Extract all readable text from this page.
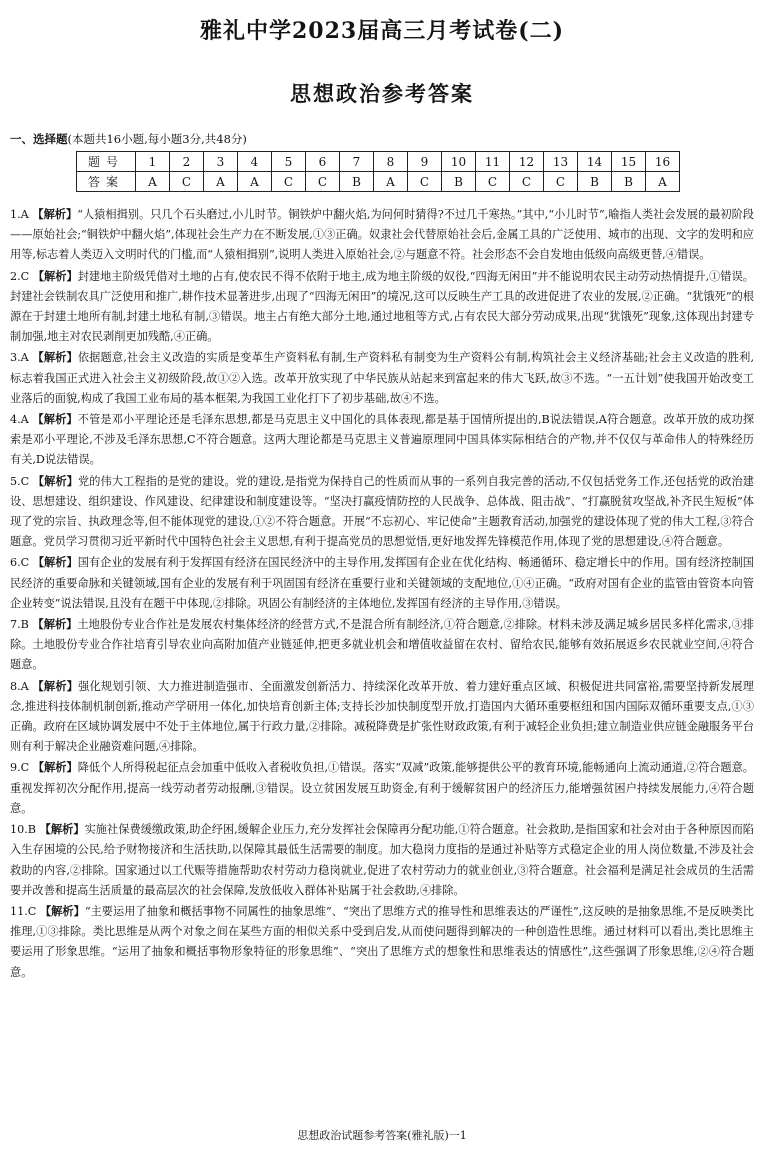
雅礼中学2023届高三月考试卷(二)
思想政治参考答案
一、选择题(本题共16小题,每小题3分,共48分)
题号	1	2	3	4	5	6	7	8	9	10	11	12	13	14	15	16
答案	A	C	A	A	C	C	B	A	C	B	C	C	C	B	B	A
1.A 【解析】“人猿相揖别。只几个石头磨过,小儿时节。铜铁炉中翻火焰,为问何时猜得?不过几千寒热。”其中,“小儿时节”,喻指人类社会发展的最初阶段——原始社会;“铜铁炉中翻火焰”,体现社会生产力在不断发展,①③正确。奴隶社会代替原始社会后,金属工具的广泛使用、城市的出现、文字的发明和应用等,标志着人类迈入文明时代的门槛,而“人猿相揖别”,说明人类进入原始社会,②与题意不符。社会形态不会自发地由低级向高级更替,④错误。
2.C 【解析】封建地主阶级凭借对土地的占有,使农民不得不依附于地主,成为地主阶级的奴役,“四海无闲田”并不能说明农民主动劳动热情提升,①错误。封建社会铁制农具广泛使用和推广,耕作技术显著进步,出现了“四海无闲田”的境况,这可以反映生产工具的改进促进了农业的发展,②正确。“犹饿死”的根源在于封建土地所有制,封建土地私有制,③错误。地主占有绝大部分土地,通过地租等方式,占有农民大部分劳动成果,出现“犹饿死”现象,这体现出封建专制加强,地主对农民剥削更加残酷,④正确。
3.A 【解析】依据题意,社会主义改造的实质是变革生产资料私有制,生产资料私有制变为生产资料公有制,构筑社会主义经济基础;社会主义改造的胜利,标志着我国正式进入社会主义初级阶段,故①②入选。改革开放实现了中华民族从站起来到富起来的伟大飞跃,故③不选。“一五计划”使我国开始改变工业落后的面貌,构成了我国工业布局的基本框架,为我国工业化打下了初步基础,故④不选。
4.A 【解析】不管是邓小平理论还是毛泽东思想,都是马克思主义中国化的具体表现,都是基于国情所提出的,B说法错误,A符合题意。改革开放的成功探索是邓小平理论,不涉及毛泽东思想,C不符合题意。这两大理论都是马克思主义普遍原理同中国具体实际相结合的产物,并不仅仅与革命伟人的特殊经历有关,D说法错误。
5.C 【解析】党的伟大工程指的是党的建设。党的建设,是指党为保持自己的性质而从事的一系列自我完善的活动,不仅包括党务工作,还包括党的政治建设、思想建设、组织建设、作风建设、纪律建设和制度建设等。“坚决打赢疫情防控的人民战争、总体战、阻击战”、“打赢脱贫攻坚战,补齐民生短板”体现了党的宗旨、执政理念等,但不能体现党的建设,①②不符合题意。开展“不忘初心、牢记使命”主题教育活动,加强党的建设体现了党的伟大工程,③符合题意。党员学习贯彻习近平新时代中国特色社会主义思想,有利于提高党员的思想觉悟,更好地发挥先锋模范作用,体现了党的思想建设,④符合题意。
6.C 【解析】国有企业的发展有利于发挥国有经济在国民经济中的主导作用,发挥国有企业在优化结构、畅通循环、稳定增长中的作用。国有经济控制国民经济的重要命脉和关键领域,国有企业的发展有利于巩固国有经济在重要行业和关键领域的支配地位,①④正确。“政府对国有企业的监管由管资本向管企业转变”说法错误,且没有在题干中体现,②排除。巩固公有制经济的主体地位,发挥国有经济的主导作用,③错误。
7.B 【解析】土地股份专业合作社是发展农村集体经济的经营方式,不是混合所有制经济,①符合题意,②排除。材料未涉及满足城乡居民多样化需求,③排除。土地股份专业合作社培育引导农业向高附加值产业链延伸,把更多就业机会和增值收益留在农村、留给农民,能够有效拓展返乡农民就业空间,④符合题意。
8.A 【解析】强化规划引领、大力推进制造强市、全面激发创新活力、持续深化改革开放、着力建好重点区域、积极促进共同富裕,需要坚持新发展理念,推进科技体制机制创新,推动产学研用一体化,加快培育创新主体;支持长沙加快制度型开放,打造国内大循环重要枢纽和国内国际双循环重要支点,①③正确。政府在区域协调发展中不处于主体地位,属于行政力量,②排除。减税降费是扩张性财政政策,有利于减轻企业负担;建立制造业供应链金融服务平台则有利于解决企业融资难问题,④排除。
9.C 【解析】降低个人所得税起征点会加重中低收入者税收负担,①错误。落实“双减”政策,能够提供公平的教育环境,能畅通向上流动通道,②符合题意。重视发挥初次分配作用,提高一线劳动者劳动报酬,③错误。设立贫困发展互助资金,有利于缓解贫困户的经济压力,能增强贫困户持续发展能力,④符合题意。
10.B 【解析】实施社保费缓缴政策,助企纾困,缓解企业压力,充分发挥社会保障再分配功能,①符合题意。社会救助,是指国家和社会对由于各种原因而陷入生存困境的公民,给予财物接济和生活扶助,以保障其最低生活需要的制度。加大稳岗力度指的是通过补贴等方式稳定企业的用人岗位数量,不涉及社会救助的内容,②排除。国家通过以工代赈等措施帮助农村劳动力稳岗就业,促进了农村劳动力的就业创业,③符合题意。社会福利是满足社会成员的生活需要并改善和提高生活质量的最高层次的社会保障,发放低收入群体补贴属于社会救助,④排除。
11.C 【解析】“主要运用了抽象和概括事物不同属性的抽象思维”、“突出了思维方式的推导性和思维表达的严谨性”,这反映的是抽象思维,不是反映类比推理,①③排除。类比思维是从两个对象之间在某些方面的相似关系中受到启发,从而使问题得到解决的一种创造性思维。通过材料可以看出,类比思维主要运用了形象思维。“运用了抽象和概括事物形象特征的形象思维”、“突出了思维方式的想象性和思维表达的情感性”,这些强调了形象思维,②④符合题意。
思想政治试题参考答案(雅礼版)一1
